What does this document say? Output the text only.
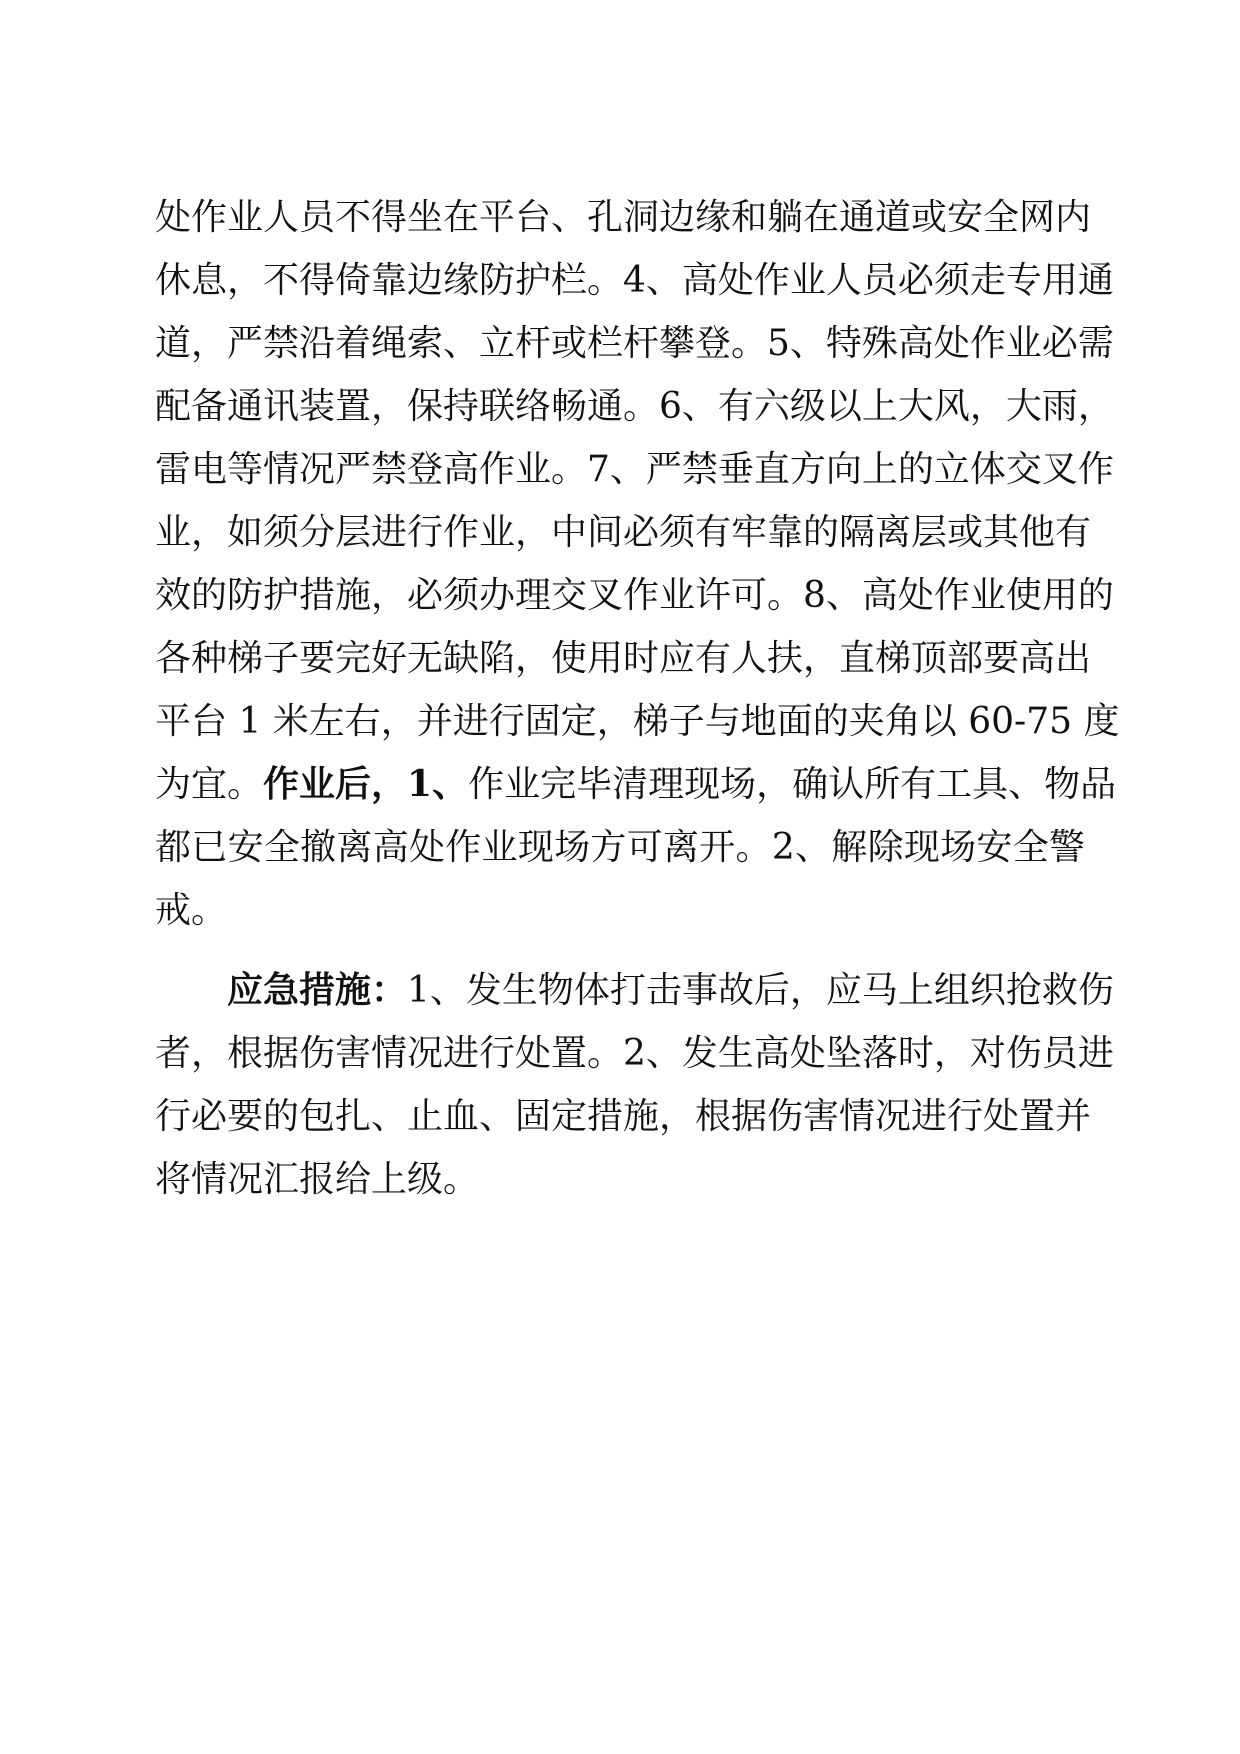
处作业人员不得坐在平台、孔洞边缘和躺在通道或安全网内
休息，不得倚靠边缘防护栏。4、高处作业人员必须走专用通
道，严禁沿着绳索、立杆或栏杆攀登。5、特殊高处作业必需
配备通讯装置，保持联络畅通。6、有六级以上大风，大雨，
雷电等情况严禁登高作业。7、严禁垂直方向上的立体交叉作
业，如须分层进行作业，中间必须有牢靠的隔离层或其他有
效的防护措施，必须办理交叉作业许可。8、高处作业使用的
各种梯子要完好无缺陷，使用时应有人扶，直梯顶部要高出
平台 1 米左右，并进行固定，梯子与地面的夹角以 60-75 度
为宜。作业后，1、作业完毕清理现场，确认所有工具、物品
都已安全撤离高处作业现场方可离开。2、解除现场安全警
戒。
应急措施：1、发生物体打击事故后，应马上组织抢救伤
者，根据伤害情况进行处置。2、发生高处坠落时，对伤员进
行必要的包扎、止血、固定措施，根据伤害情况进行处置并
将情况汇报给上级。
